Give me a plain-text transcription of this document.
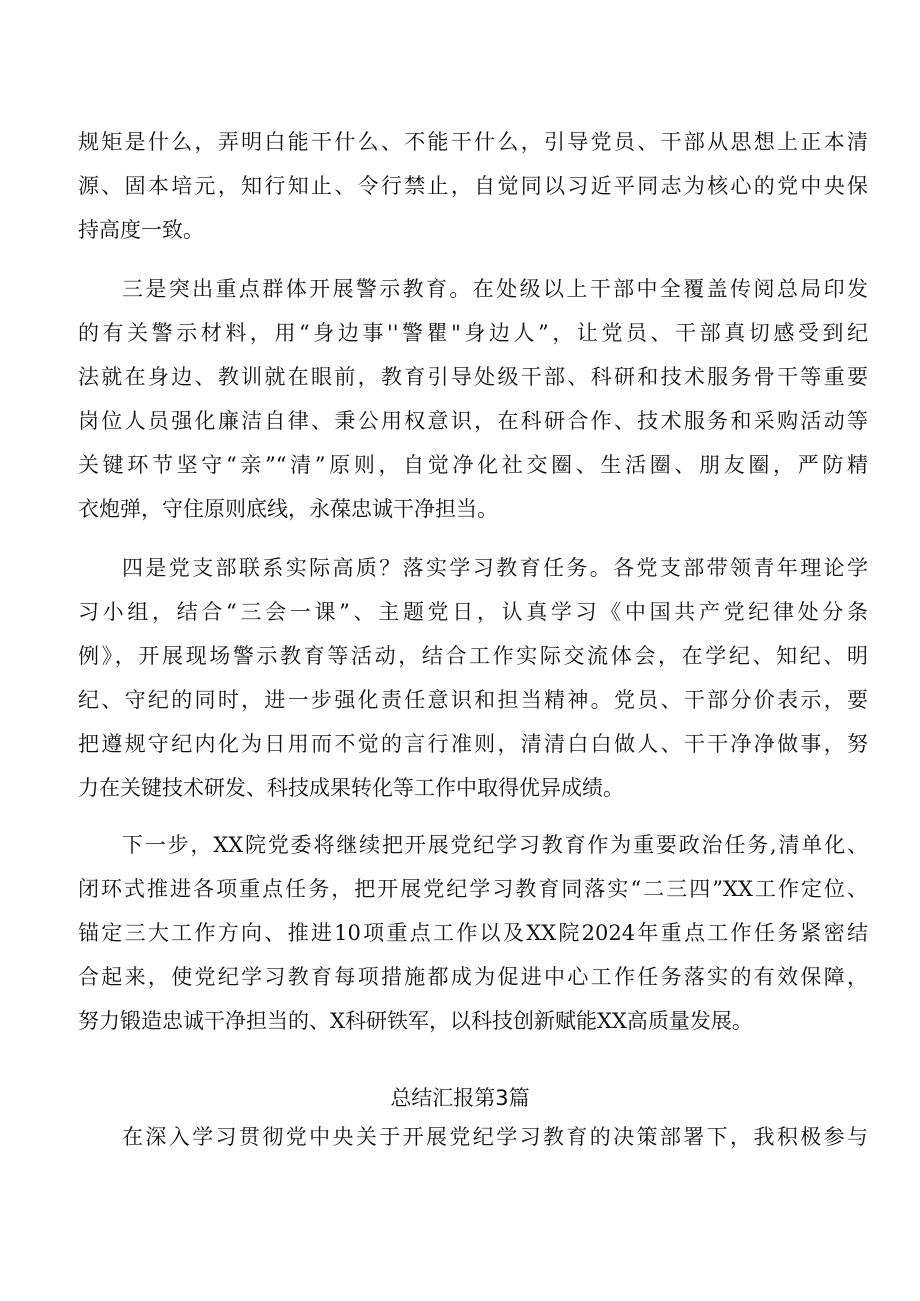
规矩是什么，弄明白能干什么、不能干什么，引导党员、干部从思想上正本清
源、固本培元，知行知止、令行禁止，自觉同以习近平同志为核心的党中央保
持高度一致。
三是突出重点群体开展警示教育。在处级以上干部中全覆盖传阅总局印发
的有关警示材料，用“身边事''警瞿"身边人”，让党员、干部真切感受到纪
法就在身边、教训就在眼前，教育引导处级干部、科研和技术服务骨干等重要
岗位人员强化廉洁自律、秉公用权意识，在科研合作、技术服务和采购活动等
关键环节坚守“亲”“清”原则，自觉净化社交圈、生活圈、朋友圈，严防精
衣炮弹，守住原则底线，永葆忠诚干净担当。
四是党支部联系实际高质？落实学习教育任务。各党支部带领青年理论学
习小组，结合“三会一课”、主题党日，认真学习《中国共产党纪律处分条
例》，开展现场警示教育等活动，结合工作实际交流体会，在学纪、知纪、明
纪、守纪的同时，进一步强化责任意识和担当精神。党员、干部分价表示，要
把遵规守纪内化为日用而不觉的言行准则，清清白白做人、干干净净做事，努
力在关键技术研发、科技成果转化等工作中取得优异成绩。
下一步，XX院党委将继续把开展党纪学习教育作为重要政治任务,清单化、
闭环式推进各项重点任务，把开展党纪学习教育同落实“二三四”XX工作定位、
锚定三大工作方向、推进10项重点工作以及XX院2024年重点工作任务紧密结
合起来，使党纪学习教育每项措施都成为促进中心工作任务落实的有效保障，
努力锻造忠诚干净担当的、X科研铁军，以科技创新赋能XX高质量发展。
总结汇报第3篇
在深入学习贯彻党中央关于开展党纪学习教育的决策部署下，我积极参与
